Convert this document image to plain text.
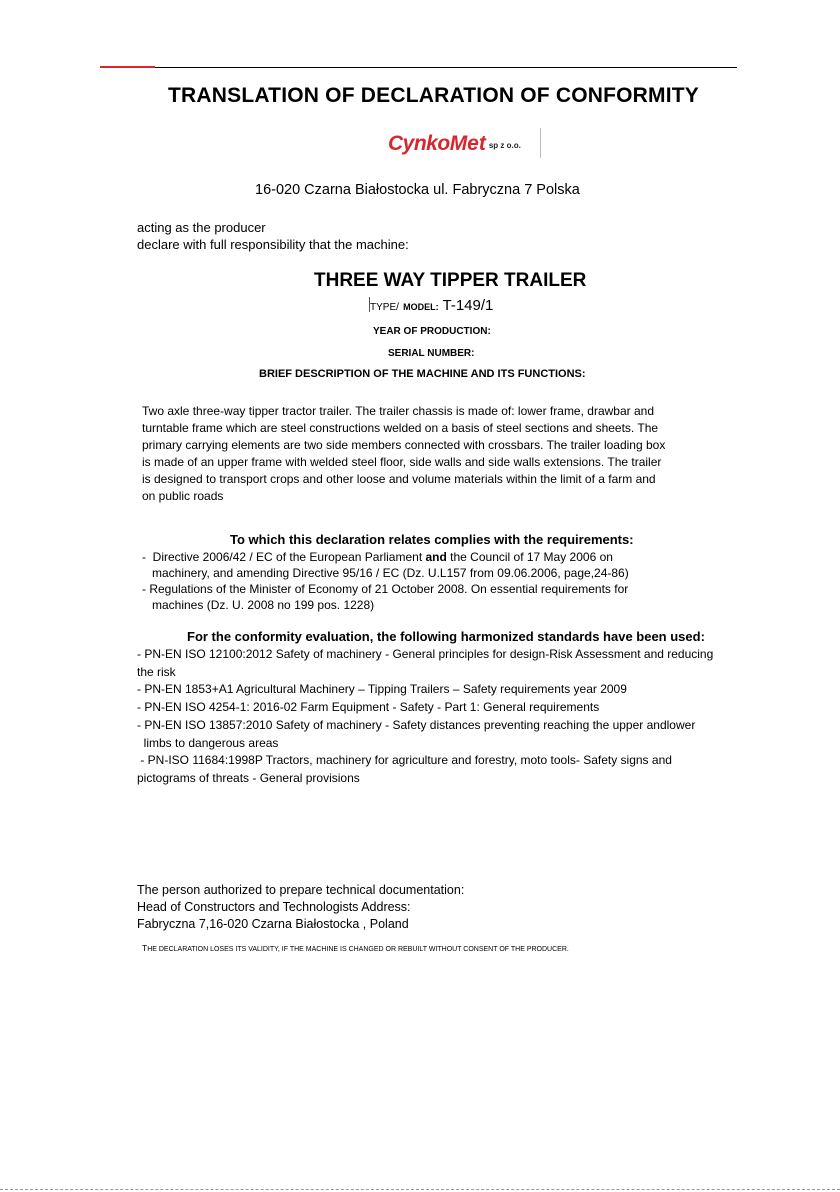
TRANSLATION OF DECLARATION OF CONFORMITY
CynkoMet sp z o.o.
16-020 Czarna Białostocka ul. Fabryczna 7 Polska
acting as the producer
declare with full responsibility that the machine:
THREE WAY TIPPER TRAILER
TYPE/ MODEL: T-149/1
YEAR OF PRODUCTION:
SERIAL NUMBER:
BRIEF DESCRIPTION OF THE MACHINE AND ITS FUNCTIONS:

Two axle three-way tipper tractor trailer. The trailer chassis is made of: lower frame, drawbar and

turntable frame which are steel constructions welded on a basis of steel sections and sheets. The

primary carrying elements are two side members connected with crossbars. The trailer loading box

is made of an upper frame with welded steel floor, side walls and side walls extensions. The trailer

is designed to transport crops and other loose and volume materials within the limit of a farm and

on public roads

To which this declaration relates complies with the requirements:

-  Directive 2006/42 / EC of the European Parliament and the Council of 17 May 2006 on

machinery, and amending Directive 95/16 / EC (Dz. U.L157 from 09.06.2006, page,24-86)

- Regulations of the Minister of Economy of 21 October 2008. On essential requirements for

machines (Dz. U. 2008 no 199 pos. 1228)

For the conformity evaluation, the following harmonized standards have been used:

- PN-EN ISO 12100:2012 Safety of machinery - General principles for design-Risk Assessment and reducing

the risk

- PN-EN 1853+A1 Agricultural Machinery – Tipping Trailers – Safety requirements year 2009

- PN-EN ISO 4254-1: 2016-02 Farm Equipment - Safety - Part 1: General requirements

- PN-EN ISO 13857:2010 Safety of machinery - Safety distances preventing reaching the upper andlower

limbs to dangerous areas

- PN-ISO 11684:1998P Tractors, machinery for agriculture and forestry, moto tools- Safety signs and

pictograms of threats - General provisions

The person authorized to prepare technical documentation:

Head of Constructors and Technologists Address:

Fabryczna 7,16-020 Czarna Białostocka , Poland

THE DECLARATION LOSES ITS VALIDITY, IF THE MACHINE IS CHANGED OR REBUILT WITHOUT CONSENT OF THE PRODUCER.
